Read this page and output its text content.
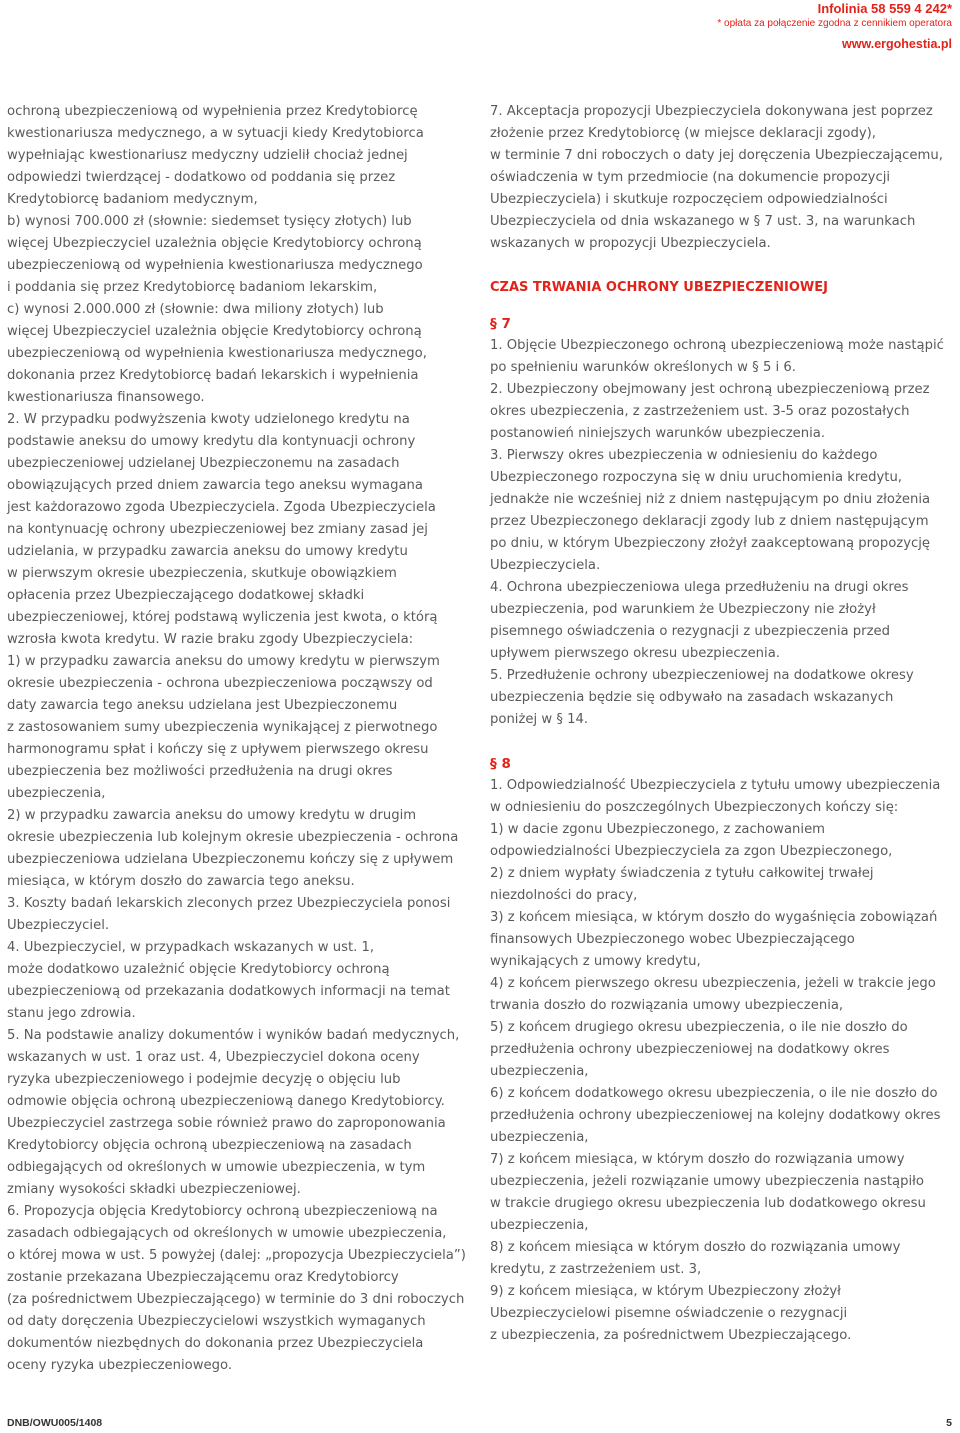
Infolinia 58 559 4 242*
* opłata za połączenie zgodna z cennikiem operatora
www.ergohestia.pl

ochroną ubezpieczeniową od wypełnienia przez Kredytobiorcę

kwestionariusza medycznego, a w sytuacji kiedy Kredytobiorca

wypełniając kwestionariusz medyczny udzielił chociaż jednej

odpowiedzi twierdzącej - dodatkowo od poddania się przez

Kredytobiorcę badaniom medycznym,

b) wynosi 700.000 zł (słownie: siedemset tysięcy złotych) lub

więcej Ubezpieczyciel uzależnia objęcie Kredytobiorcy ochroną

ubezpieczeniową od wypełnienia kwestionariusza medycznego

i poddania się przez Kredytobiorcę badaniom lekarskim,

c) wynosi 2.000.000 zł (słownie: dwa miliony złotych) lub

więcej Ubezpieczyciel uzależnia objęcie Kredytobiorcy ochroną

ubezpieczeniową od wypełnienia kwestionariusza medycznego,

dokonania przez Kredytobiorcę badań lekarskich i wypełnienia

kwestionariusza finansowego.

2. W przypadku podwyższenia kwoty udzielonego kredytu na

podstawie aneksu do umowy kredytu dla kontynuacji ochrony

ubezpieczeniowej udzielanej Ubezpieczonemu na zasadach

obowiązujących przed dniem zawarcia tego aneksu wymagana

jest każdorazowo zgoda Ubezpieczyciela. Zgoda Ubezpieczyciela

na kontynuację ochrony ubezpieczeniowej bez zmiany zasad jej

udzielania, w przypadku zawarcia aneksu do umowy kredytu

w pierwszym okresie ubezpieczenia, skutkuje obowiązkiem

opłacenia przez Ubezpieczającego dodatkowej składki

ubezpieczeniowej, której podstawą wyliczenia jest kwota, o którą

wzrosła kwota kredytu. W razie braku zgody Ubezpieczyciela:

1) w przypadku zawarcia aneksu do umowy kredytu w pierwszym

okresie ubezpieczenia - ochrona ubezpieczeniowa począwszy od

daty zawarcia tego aneksu udzielana jest Ubezpieczonemu

z zastosowaniem sumy ubezpieczenia wynikającej z pierwotnego

harmonogramu spłat i kończy się z upływem pierwszego okresu

ubezpieczenia bez możliwości przedłużenia na drugi okres

ubezpieczenia,

2) w przypadku zawarcia aneksu do umowy kredytu w drugim

okresie ubezpieczenia lub kolejnym okresie ubezpieczenia - ochrona

ubezpieczeniowa udzielana Ubezpieczonemu kończy się z upływem

miesiąca, w którym doszło do zawarcia tego aneksu.

3. Koszty badań lekarskich zleconych przez Ubezpieczyciela ponosi

Ubezpieczyciel.

4. Ubezpieczyciel, w przypadkach wskazanych w ust. 1,

może dodatkowo uzależnić objęcie Kredytobiorcy ochroną

ubezpieczeniową od przekazania dodatkowych informacji na temat

stanu jego zdrowia.

5. Na podstawie analizy dokumentów i wyników badań medycznych,

wskazanych w ust. 1 oraz ust. 4, Ubezpieczyciel dokona oceny

ryzyka ubezpieczeniowego i podejmie decyzję o objęciu lub

odmowie objęcia ochroną ubezpieczeniową danego Kredytobiorcy.

Ubezpieczyciel zastrzega sobie również prawo do zaproponowania

Kredytobiorcy objęcia ochroną ubezpieczeniową na zasadach

odbiegających od określonych w umowie ubezpieczenia, w tym

zmiany wysokości składki ubezpieczeniowej.

6. Propozycja objęcia Kredytobiorcy ochroną ubezpieczeniową na

zasadach odbiegających od określonych w umowie ubezpieczenia,

o której mowa w ust. 5 powyżej (dalej: „propozycja Ubezpieczyciela”)

zostanie przekazana Ubezpieczającemu oraz Kredytobiorcy

(za pośrednictwem Ubezpieczającego) w terminie do 3 dni roboczych

od daty doręczenia Ubezpieczycielowi wszystkich wymaganych

dokumentów niezbędnych do dokonania przez Ubezpieczyciela

oceny ryzyka ubezpieczeniowego.

7. Akceptacja propozycji Ubezpieczyciela dokonywana jest poprzez

złożenie przez Kredytobiorcę (w miejsce deklaracji zgody),

w terminie 7 dni roboczych o daty jej doręczenia Ubezpieczającemu,

oświadczenia w tym przedmiocie (na dokumencie propozycji

Ubezpieczyciela) i skutkuje rozpoczęciem odpowiedzialności

Ubezpieczyciela od dnia wskazanego w § 7 ust. 3, na warunkach

wskazanych w propozycji Ubezpieczyciela.

CZAS TRWANIA OCHRONY UBEZPIECZENIOWEJ

§ 7

1. Objęcie Ubezpieczonego ochroną ubezpieczeniową może nastąpić

po spełnieniu warunków określonych w § 5 i 6.

2. Ubezpieczony obejmowany jest ochroną ubezpieczeniową przez

okres ubezpieczenia, z zastrzeżeniem ust. 3-5 oraz pozostałych

postanowień niniejszych warunków ubezpieczenia.

3. Pierwszy okres ubezpieczenia w odniesieniu do każdego

Ubezpieczonego rozpoczyna się w dniu uruchomienia kredytu,

jednakże nie wcześniej niż z dniem następującym po dniu złożenia

przez Ubezpieczonego deklaracji zgody lub z dniem następującym

po dniu, w którym Ubezpieczony złożył zaakceptowaną propozycję

Ubezpieczyciela.

4. Ochrona ubezpieczeniowa ulega przedłużeniu na drugi okres

ubezpieczenia, pod warunkiem że Ubezpieczony nie złożył

pisemnego oświadczenia o rezygnacji z ubezpieczenia przed

upływem pierwszego okresu ubezpieczenia.

5. Przedłużenie ochrony ubezpieczeniowej na dodatkowe okresy

ubezpieczenia będzie się odbywało na zasadach wskazanych

poniżej w § 14.

§ 8

1. Odpowiedzialność Ubezpieczyciela z tytułu umowy ubezpieczenia

w odniesieniu do poszczególnych Ubezpieczonych kończy się:

1) w dacie zgonu Ubezpieczonego, z zachowaniem

odpowiedzialności Ubezpieczyciela za zgon Ubezpieczonego,

2) z dniem wypłaty świadczenia z tytułu całkowitej trwałej

niezdolności do pracy,

3) z końcem miesiąca, w którym doszło do wygaśnięcia zobowiązań

finansowych Ubezpieczonego wobec Ubezpieczającego

wynikających z umowy kredytu,

4) z końcem pierwszego okresu ubezpieczenia, jeżeli w trakcie jego

trwania doszło do rozwiązania umowy ubezpieczenia,

5) z końcem drugiego okresu ubezpieczenia, o ile nie doszło do

przedłużenia ochrony ubezpieczeniowej na dodatkowy okres

ubezpieczenia,

6) z końcem dodatkowego okresu ubezpieczenia, o ile nie doszło do

przedłużenia ochrony ubezpieczeniowej na kolejny dodatkowy okres

ubezpieczenia,

7) z końcem miesiąca, w którym doszło do rozwiązania umowy

ubezpieczenia, jeżeli rozwiązanie umowy ubezpieczenia nastąpiło

w trakcie drugiego okresu ubezpieczenia lub dodatkowego okresu

ubezpieczenia,

8) z końcem miesiąca w którym doszło do rozwiązania umowy

kredytu, z zastrzeżeniem ust. 3,

9) z końcem miesiąca, w którym Ubezpieczony złożył

Ubezpieczycielowi pisemne oświadczenie o rezygnacji

z ubezpieczenia, za pośrednictwem Ubezpieczającego.

DNB/OWU005/1408	5
